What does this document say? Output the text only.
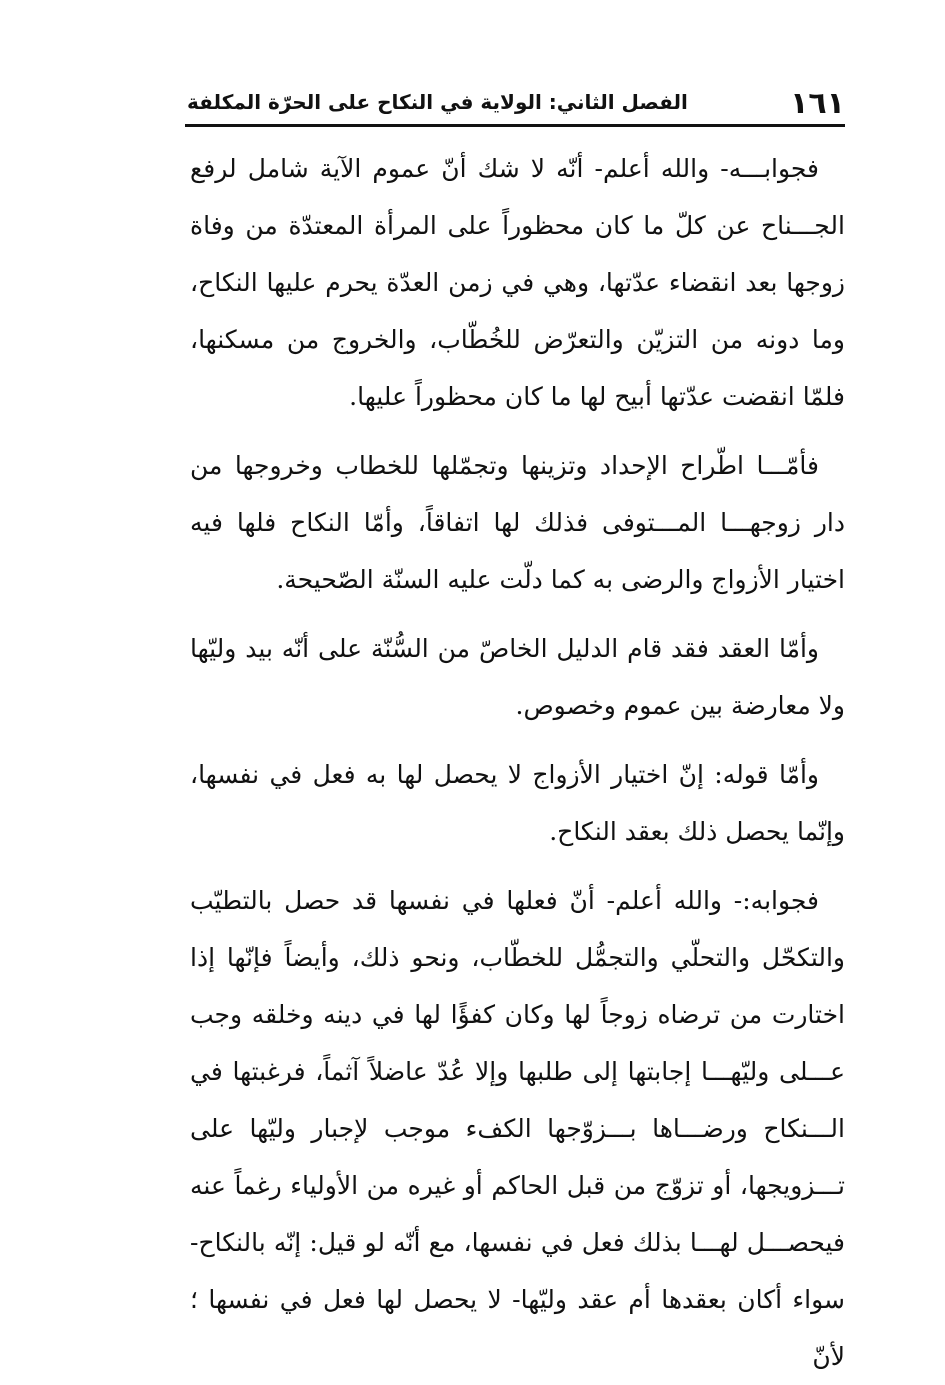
١٦١
الفصل الثاني: الولاية في النكاح على الحرّة المكلفة

فجوابـــه- والله أعلم- أنّه لا شك أنّ عموم الآية شامل لرفع الجـــناح عن كلّ ما كان محظوراً على المرأة المعتدّة من وفاة زوجها بعد انقضاء عدّتها، وهي في زمن العدّة يحرم عليها النكاح، وما دونه من التزيّن والتعرّض للخُطّاب، والخروج من مسكنها، فلمّا انقضت عدّتها أبيح لها ما كان محظوراً عليها.

فأمّـــا اطّراح الإحداد وتزينها وتجمّلها للخطاب وخروجها من دار زوجهـــا المـــتوفى فذلك لها اتفاقاً، وأمّا النكاح فلها فيه اختيار الأزواج والرضى به كما دلّت عليه السنّة الصّحيحة.

وأمّا العقد فقد قام الدليل الخاصّ من السُّنّة على أنّه بيد وليّها ولا معارضة بين عموم وخصوص.

وأمّا قوله: إنّ اختيار الأزواج لا يحصل لها به فعل في نفسها، وإنّما يحصل ذلك بعقد النكاح.

فجوابه:- والله أعلم- أنّ فعلها في نفسها قد حصل بالتطيّب والتكحّل والتحلّي والتجمُّل للخطّاب، ونحو ذلك، وأيضاً فإنّها إذا اختارت من ترضاه زوجاً لها وكان كفؤًا لها في دينه وخلقه وجب عـــلى وليّهـــا إجابتها إلى طلبها وإلا عُدّ عاضلاً آثماً، فرغبتها في الـــنكاح ورضـــاها بـــزوّجها الكفء موجب لإجبار وليّها على تـــزويجها، أو تزوّج من قبل الحاكم أو غيره من الأولياء رغماً عنه فيحصـــل لهـــا بذلك فعل في نفسها، مع أنّه لو قيل: إنّه بالنكاح- سواء أكان بعقدها أم عقد وليّها- لا يحصل لها فعل في نفسها ؛لأنّ
